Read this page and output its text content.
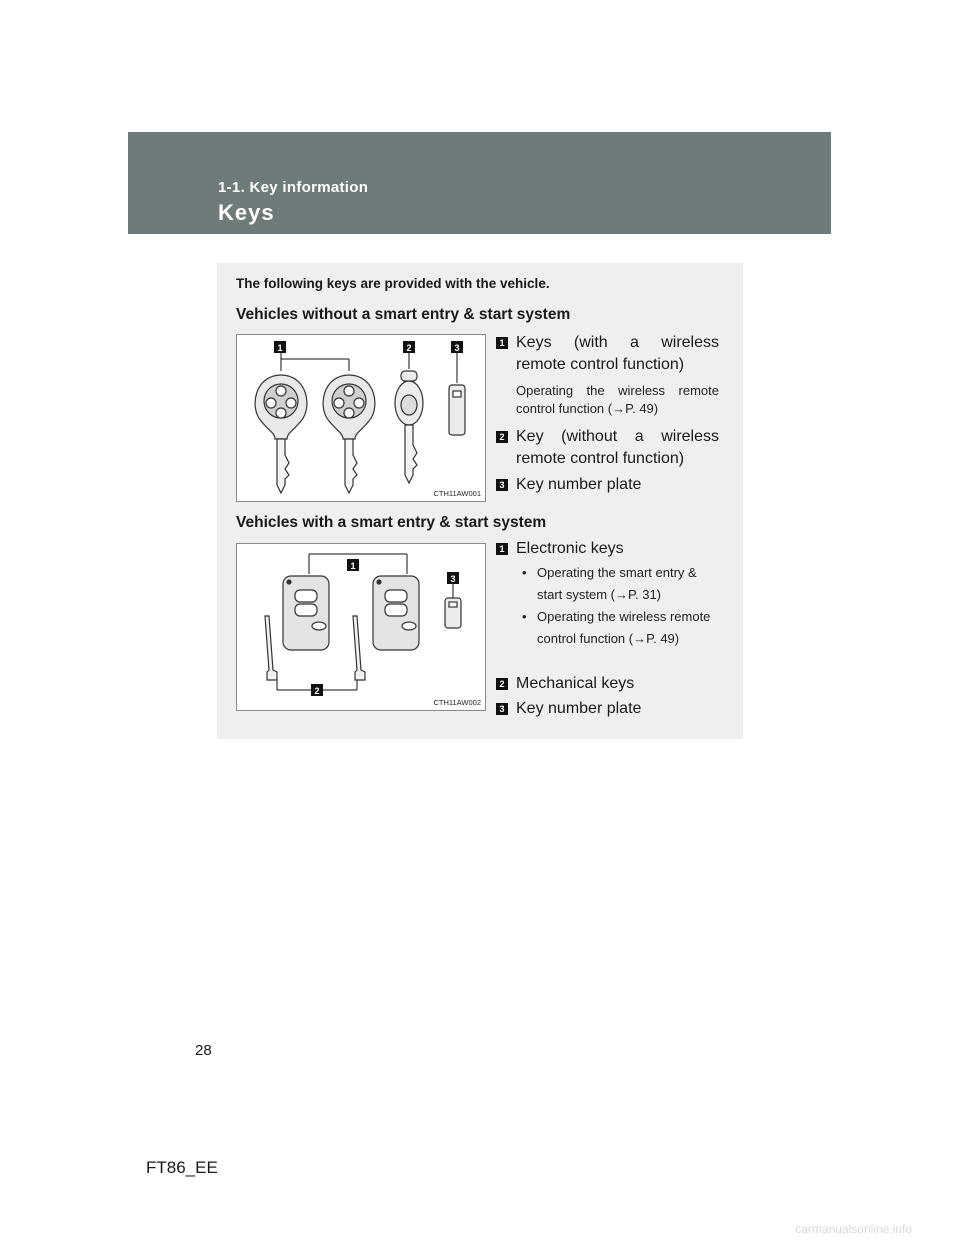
1-1. Key information
Keys
The following keys are provided with the vehicle.
Vehicles without a smart entry & start system
1	2	3
CTH11AW001
1 Keys (with a wireless remote control function)
Operating the wireless remote control function (→P. 49)
2 Key (without a wireless remote control function)
3 Key number plate
Vehicles with a smart entry & start system
1
3
2
CTH11AW002
1 Electronic keys
• Operating the smart entry & start system (→P. 31)
• Operating the wireless remote control function (→P. 49)
2 Mechanical keys
3 Key number plate
28
FT86_EE
carmanualsonline.info
